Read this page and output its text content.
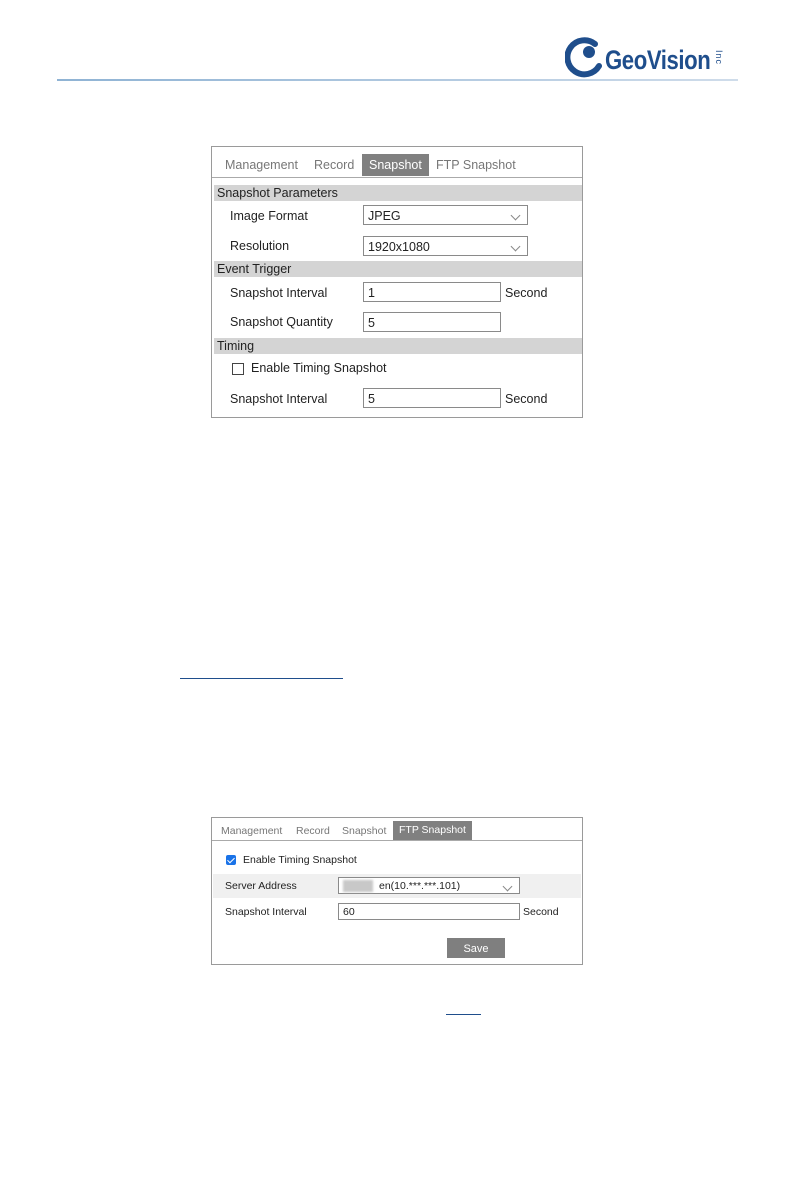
GeoVision Inc
Management Record	Snapshot	FTP Snapshot
Snapshot Parameters
Image Format	JPEG
Resolution	1920x1080
Event Trigger
Snapshot Interval	1	Second
Snapshot Quantity	5
Timing
Enable Timing Snapshot
Snapshot Interval	5	Second
Management Record Snapshot	FTP Snapshot
Enable Timing Snapshot
Server Address	en(10.***.***.101)
Snapshot Interval	60	Second
Save
